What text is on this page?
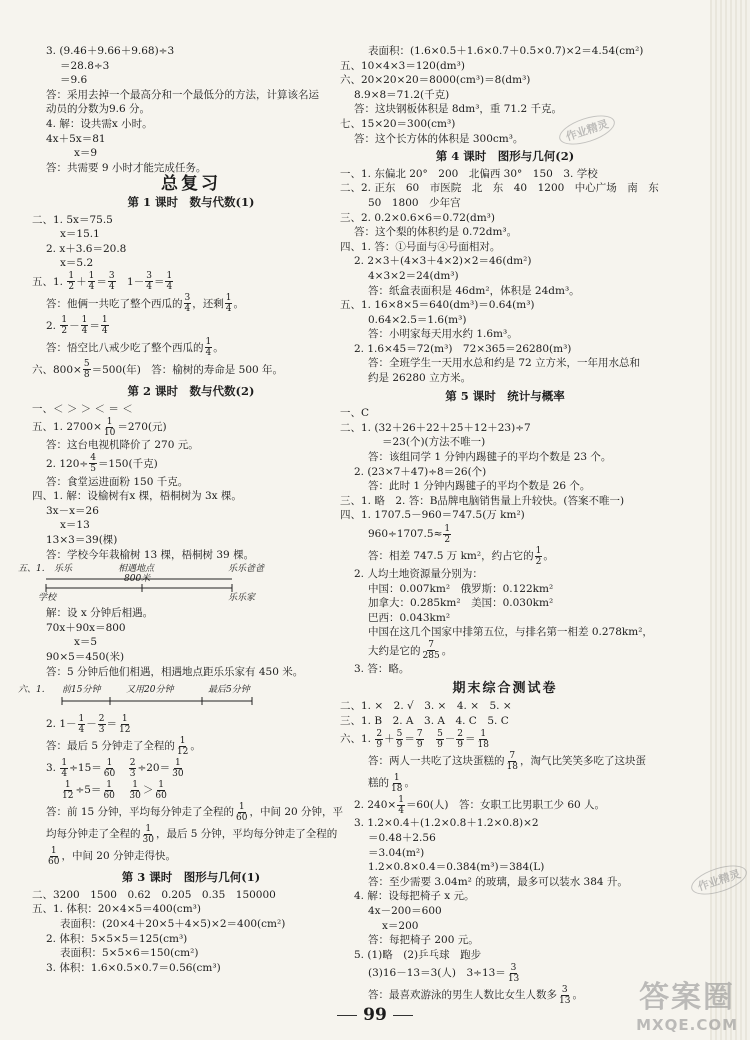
3. (9.46＋9.66＋9.68)÷3
＝28.8÷3
＝9.6
答：采用去掉一个最高分和一个最低分的方法，计算该名运
动员的分数为9.6 分。
4. 解：设共需x 小时。
4x＋5x＝81
x＝9
答：共需要 9 小时才能完成任务。
总复习
第 1 课时　数与代数(1)
二、1. 5x＝75.5
x＝15.1
2. x＋3.6＝20.8
x＝5.2
五、1. $\frac{1}{2} + \frac{1}{4} = \frac{3}{4}$ 　$1- \frac{3}{4} = \frac{1}{4}$
答：他俩一共吃了整个西瓜的 $\frac{3}{4}$ ，还剩 $\frac{1}{4}$ 。
2. $\frac{1}{2} - \frac{1}{4} = \frac{1}{4}$
答：悟空比八戒少吃了整个西瓜的 $\frac{1}{4}$ 。
六、$800\times \frac{5}{8} =500$(年)　答：榆树的寿命是 500 年。
第 2 课时　数与代数(2)
一、＜ ＞ ＞ ＜ ＝ ＜
五、1. $2700\times \frac{1}{10} =270$(元)
答：这台电视机降价了 270 元。
2. $120\div \frac{4}{5} =150$(千克)
答：食堂运进面粉 150 千克。
四、1. 解：设榆树有x 棵，梧桐树为 3x 棵。
3x－x＝26
x＝13
13×3＝39(棵)
答：学校今年栽榆树 13 棵，梧桐树 39 棵。
五、1. 乐乐	相遇地点	乐乐爸爸
800米
学校	乐乐家
解：设 x 分钟后相遇。
70x＋90x＝800
x＝5
90×5＝450(米)
答：5 分钟后他们相遇，相遇地点距乐乐家有 450 米。
六、1. 前15分钟	又用20分钟	最后5分钟
2. $1- \frac{1}{4} - \frac{2}{3} = \frac{1}{12}$
答：最后 5 分钟走了全程的 $\frac{1}{12}$ 。
3. $\frac{1}{4} \div 15= \frac{1}{60}$
　 $\frac{2}{3} \div 20= \frac{1}{30}$
$\frac{1}{12} \div 5= \frac{1}{60}$
　 $\frac{1}{30} > \frac{1}{60}$
答：前 15 分钟，平均每分钟走了全程的 $\frac{1}{60}$ ，中间 20 分钟，平
均每分钟走了全程的 $\frac{1}{30}$ ，最后 5 分钟，平均每分钟走了全程的
$\frac{1}{60}$ ，中间 20 分钟走得快。
第 3 课时　图形与几何(1)
二、3200　1500　0.62　0.205　0.35　150000
五、1. 体积：20×4×5＝400(cm³)
表面积：(20×4＋20×5＋4×5)×2＝400(cm²)
2. 体积：5×5×5＝125(cm³)
表面积：5×5×6＝150(cm²)
3. 体积：1.6×0.5×0.7＝0.56(cm³)
表面积：(1.6×0.5＋1.6×0.7＋0.5×0.7)×2＝4.54(cm²)
五、10×4×3＝120(dm³)
六、20×20×20＝8000(cm³)＝8(dm³)
8.9×8＝71.2(千克)
答：这块钢板体积是 8dm³，重 71.2 千克。
七、15×20＝300(cm³)
答：这个长方体的体积是 300cm³。
第 4 课时　图形与几何(2)
一、1. 东偏北 20°　200　北偏西 30°　150　3. 学校
二、2. 正东　60　市医院　北　东　40　1200　中心广场　南　东
50　1800　少年宫
三、2. 0.2×0.6×6＝0.72(dm³)
答：这个梨的体积约是 0.72dm³。
四、1. 答：①号面与④号面相对。
2. 2×3＋(4×3＋4×2)×2＝46(dm²)
4×3×2＝24(dm³)
答：纸盒表面积是 46dm²，体积是 24dm³。
五、1. 16×8×5＝640(dm³)＝0.64(m³)
0.64×2.5＝1.6(m³)
答：小明家每天用水约 1.6m³。
2. 1.6×45＝72(m³)　72×365＝26280(m³)
答：全班学生一天用水总和约是 72 立方米，一年用水总和
约是 26280 立方米。
第 5 课时　统计与概率
一、C
二、1. (32＋26＋22＋25＋12＋23)÷7
＝23(个)(方法不唯一)
答：该组同学 1 分钟内踢毽子的平均个数是 23 个。
2. (23×7＋47)÷8＝26(个)
答：此时 1 分钟内踢毽子的平均个数是 26 个。
三、1. 略　2. 答：B品牌电脑销售量上升较快。(答案不唯一)
四、1. 1707.5－960＝747.5(万 km²)
$960\div 1707.5\approx \frac{1}{2}$
答：相差 747.5 万 km²，约占它的 $\frac{1}{2}$ 。
2. 人均土地资源量分别为：
中国：0.007km²　俄罗斯：0.122km²
加拿大：0.285km²　美国：0.030km²
巴西：0.043km²
中国在这几个国家中排第五位，与排名第一相差 0.278km²，
大约是它的 $\frac{7}{285}$ 。
3. 答：略。
期末综合测试卷
二、1. ×　2. √　3. ×　4. ×　5. ×
三、1. B　2. A　3. A　4. C　5. C
六、1. $\frac{2}{9} + \frac{5}{9} = \frac{7}{9}$
　 $\frac{5}{9} - \frac{2}{9} = \frac{1}{18}$
答：两人一共吃了这块蛋糕的 $\frac{7}{18}$ ，淘气比笑笑多吃了这块蛋
糕的 $\frac{1}{18}$ 。
2. $240\times \frac{1}{4} =60$(人)　答：女职工比男职工少 60 人。
3. 1.2×0.4＋(1.2×0.8＋1.2×0.8)×2
＝0.48＋2.56
＝3.04(m²)
1.2×0.8×0.4＝0.384(m³)＝384(L)
答：至少需要 3.04m² 的玻璃，最多可以装水 384 升。
4. 解：设每把椅子 x 元。
4x－200＝600
x＝200
答：每把椅子 200 元。
5. (1)略　(2)乒乓球　跑步
(3)16－13＝3(人)　$3\div 13= \frac{3}{13}$
答：最喜欢游泳的男生人数比女生人数多 $\frac{3}{13}$ 。
99	答案圈
MXQE.COM
作业精灵
作业精灵
